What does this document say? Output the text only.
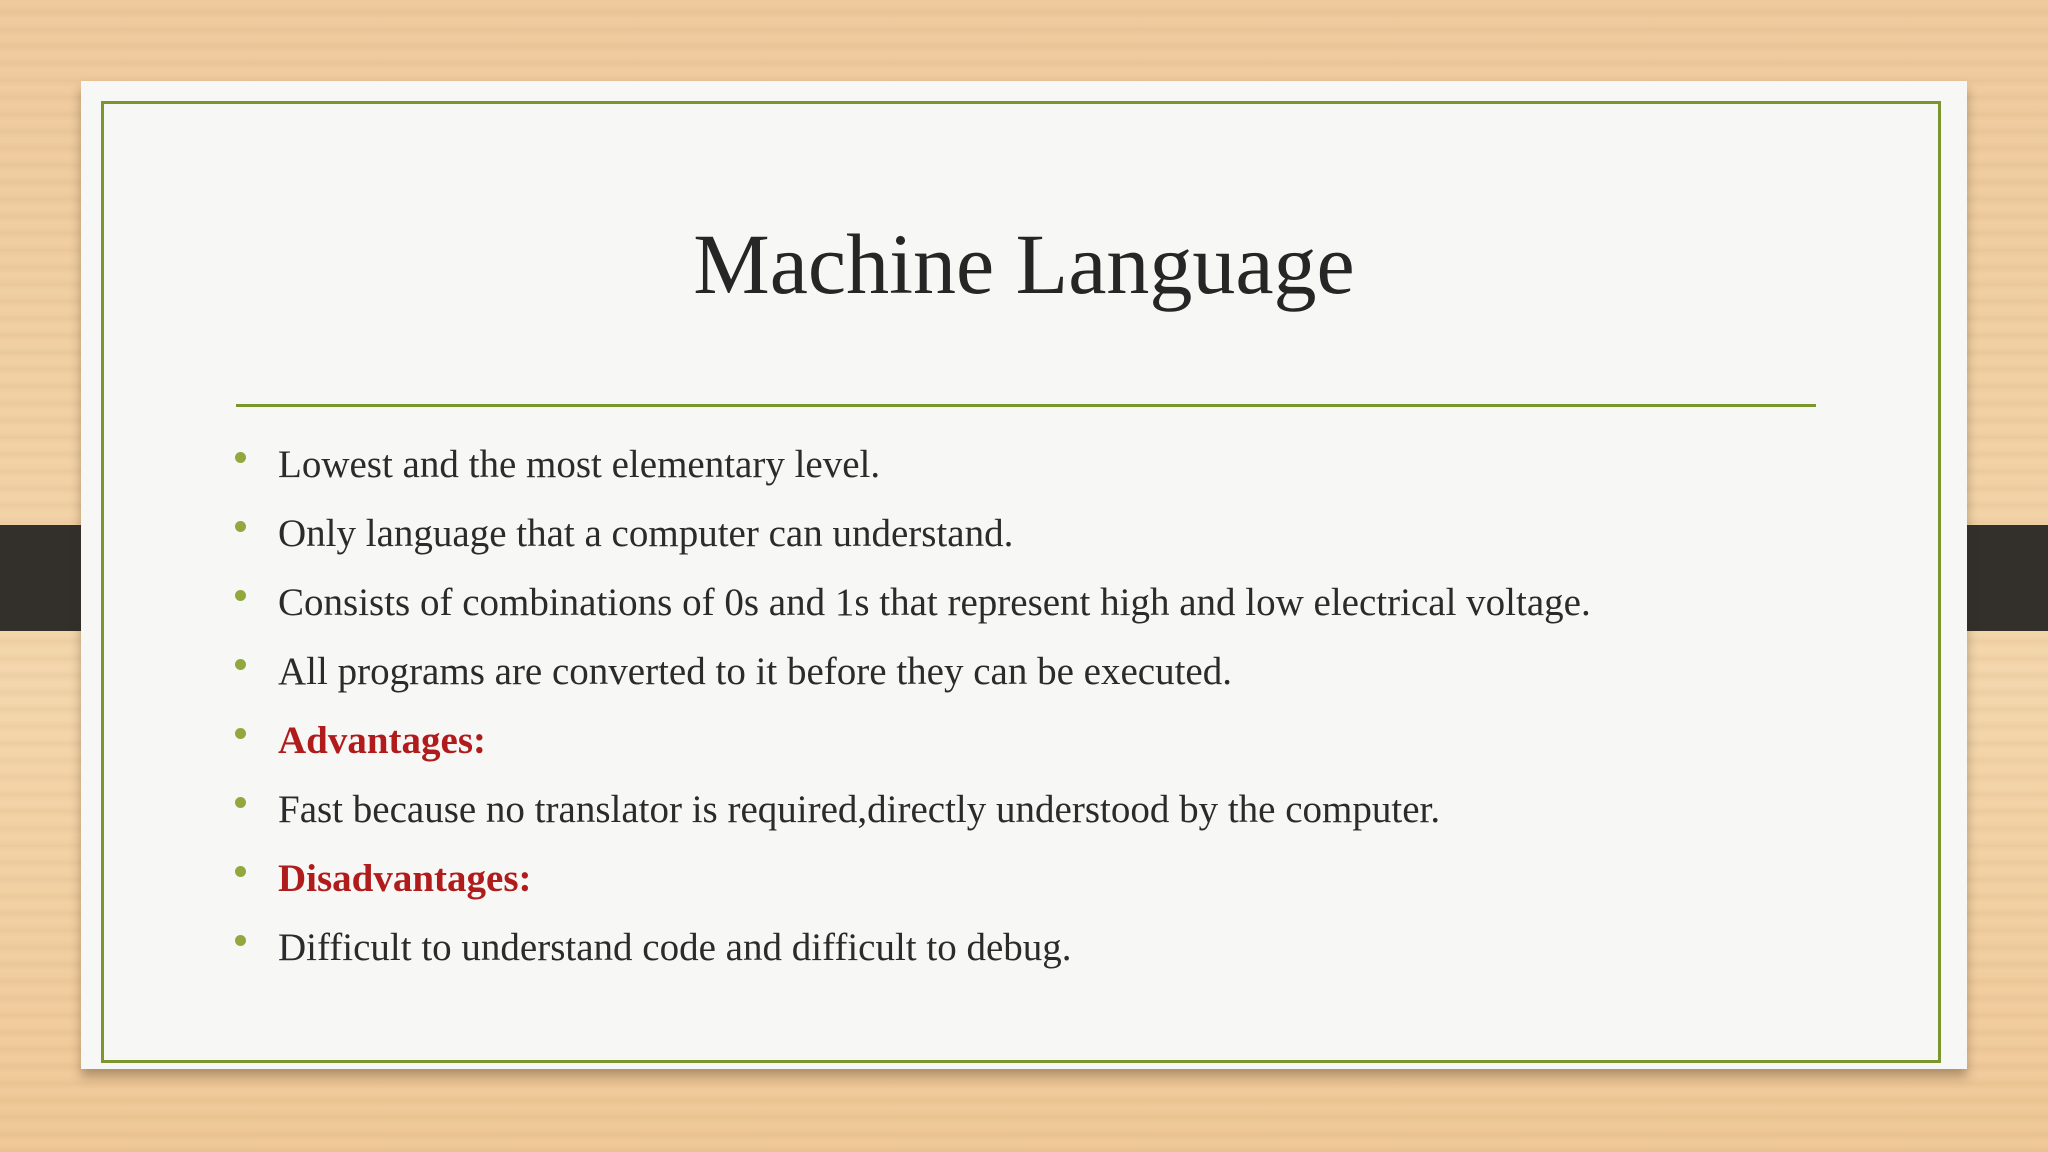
Machine Language
Lowest and the most elementary level.
Only language that a computer can understand.
Consists of combinations of 0s and 1s that represent high and low electrical voltage.
All programs are converted to it before they can be executed.
Advantages:
Fast because no translator is required,directly understood by the computer.
Disadvantages:
Difficult to understand code and difficult to debug.
